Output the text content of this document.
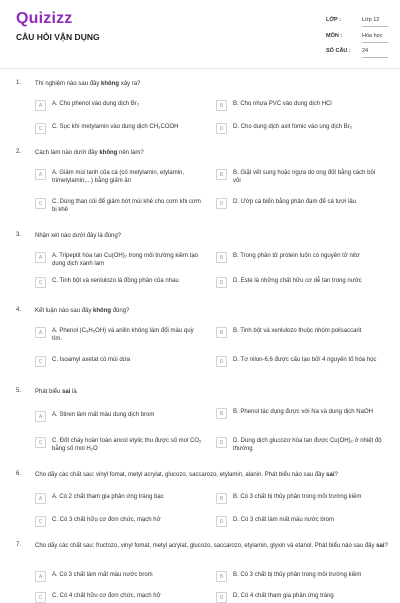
Quizizz
CÂU HỎI VẬN DỤNG
LỚP :	Lớp 12
MÔN :	Hóa học
SỐ CÂU : 24
1. Thí nghiệm nào sau đây không xảy ra?
A	A. Cho phenol vào dung dịch Br₂	B	B. Cho nhựa PVC vào dung dịch HCl
C	C. Sục khí metylamin vào dung dịch CH₃COOH	D	D. Cho dung dịch axit fomic vào ung dịch Br₂
2. Cách làm nào dưới đây không nên làm?
A	A. Giảm mùi tanh của cá (có metylamin, etylamin, trimetylamin,...) bằng giấm ăn
B	B. Giặt vết sung hoặc ngựa do ong đốt bằng cách bôi vôi
C	C. Dùng than củi để giảm bớt mùi khê cho cơm khi cơm bị khê
D	D. Ướp cá biển bằng phân đạm để cá tươi lâu
3. Nhận xét nào dưới đây là đúng?
A	A. Tripeptit hòa tan Cu(OH)₂ trong môi trường kiềm tạo dung dịch xanh lam
B	B. Trong phân tử protein luôn có nguyên tử nitơ
C	C. Tinh bột và xenlulozo là đồng phân của nhau	D	D. Este là những chất hữu cơ dễ tan trong nước
4. Kết luận nào sau đây không đúng?
A	A. Phenol (C₆H₅OH) và anilin không làm đổi màu quỳ tím.
B	B. Tinh bột và xenlulozo thuộc nhóm polisaccarit
C	C. Isoamyl axetat có mùi dứa	D	D. Tơ nilon-6,6 được cấu tạo bởi 4 nguyên tố hóa học
5. Phát biểu sai là
A	A. Stiren làm mất màu dung dịch brom	B	B. Phenol tác dụng được với Na và dung dịch NaOH
C	C. Đốt cháy hoàn toàn ancol etylic thu được số mol CO₂ bằng số mol H₂O
D	D. Dung dịch glucozơ hòa tan được Cu(OH)₂ ở nhiệt độ thường
6. Cho dãy các chất sau: vinyl fomat, metyl acrylat, glucozo, saccarozo, etylamin, alanin. Phát biểu nào sau đây sai?
A	A. Có 2 chất tham gia phản ứng tráng bạc	B	B. Có 3 chất bị thủy phân trong môi trường kiềm
C	C. Có 3 chất hữu cơ đơn chức, mạch hở	D	D. Có 3 chất làm mất màu nước brom
7. Cho dãy các chất sau: fructozo, vinyl fomat, metyl acrylat, glucozo, saccarozo, etylamin, glyxin và etanol. Phát biểu nào sau đây sai?
A	A. Có 3 chất làm mất màu nước brom	B	B. Có 3 chất bị thủy phân trong môi trường kiềm
C	C. Có 4 chất hữu cơ đơn chức, mạch hở	D	D. Có 4 chất tham gia phản ứng tráng
